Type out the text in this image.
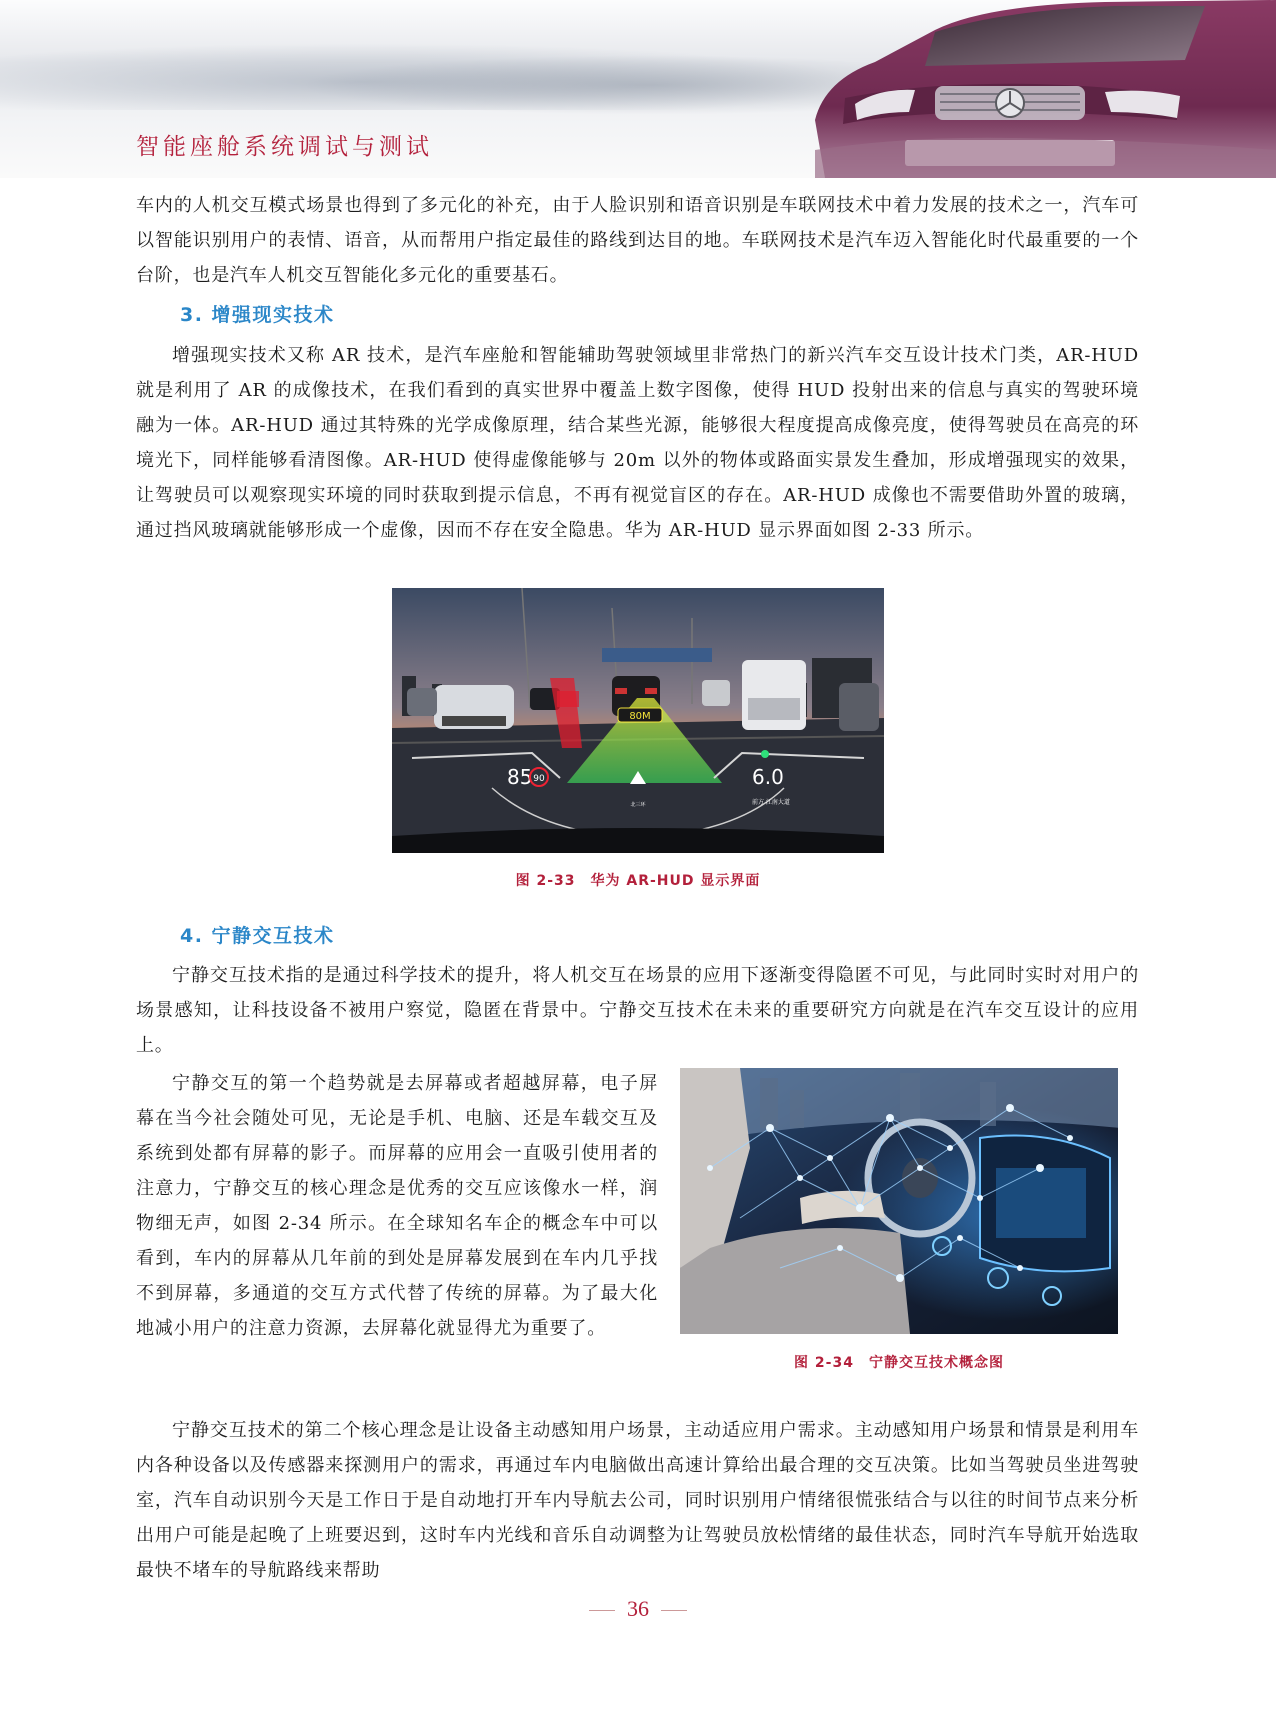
智能座舱系统调试与测试

车内的人机交互模式场景也得到了多元化的补充，由于人脸识别和语音识别是车联网技术中着力发展的技术之一，汽车可以智能识别用户的表情、语音，从而帮用户指定最佳的路线到达目的地。车联网技术是汽车迈入智能化时代最重要的一个台阶，也是汽车人机交互智能化多元化的重要基石。

3. 增强现实技术

增强现实技术又称 AR 技术，是汽车座舱和智能辅助驾驶领域里非常热门的新兴汽车交互设计技术门类，AR-HUD 就是利用了 AR 的成像技术，在我们看到的真实世界中覆盖上数字图像，使得 HUD 投射出来的信息与真实的驾驶环境融为一体。AR-HUD 通过其特殊的光学成像原理，结合某些光源，能够很大程度提高成像亮度，使得驾驶员在高亮的环境光下，同样能够看清图像。AR-HUD 使得虚像能够与 20m 以外的物体或路面实景发生叠加，形成增强现实的效果，让驾驶员可以观察现实环境的同时获取到提示信息，不再有视觉盲区的存在。AR-HUD 成像也不需要借助外置的玻璃，通过挡风玻璃就能够形成一个虚像，因而不存在安全隐患。华为 AR-HUD 显示界面如图 2-33 所示。

80M
85 90
北三环
6.0
前方 江南大道
图 2-33　华为 AR-HUD 显示界面
4. 宁静交互技术

宁静交互技术指的是通过科学技术的提升，将人机交互在场景的应用下逐渐变得隐匿不可见，与此同时实时对用户的场景感知，让科技设备不被用户察觉，隐匿在背景中。宁静交互技术在未来的重要研究方向就是在汽车交互设计的应用上。

宁静交互的第一个趋势就是去屏幕或者超越屏幕，电子屏幕在当今社会随处可见，无论是手机、电脑、还是车载交互及系统到处都有屏幕的影子。而屏幕的应用会一直吸引使用者的注意力，宁静交互的核心理念是优秀的交互应该像水一样，润物细无声，如图 2-34 所示。在全球知名车企的概念车中可以看到，车内的屏幕从几年前的到处是屏幕发展到在车内几乎找不到屏幕，多通道的交互方式代替了传统的屏幕。为了最大化地减小用户的注意力资源，去屏幕化就显得尤为重要了。

图 2-34　宁静交互技术概念图

宁静交互技术的第二个核心理念是让设备主动感知用户场景，主动适应用户需求。主动感知用户场景和情景是利用车内各种设备以及传感器来探测用户的需求，再通过车内电脑做出高速计算给出最合理的交互决策。比如当驾驶员坐进驾驶室，汽车自动识别今天是工作日于是自动地打开车内导航去公司，同时识别用户情绪很慌张结合与以往的时间节点来分析出用户可能是起晚了上班要迟到，这时车内光线和音乐自动调整为让驾驶员放松情绪的最佳状态，同时汽车导航开始选取最快不堵车的导航路线来帮助

36
